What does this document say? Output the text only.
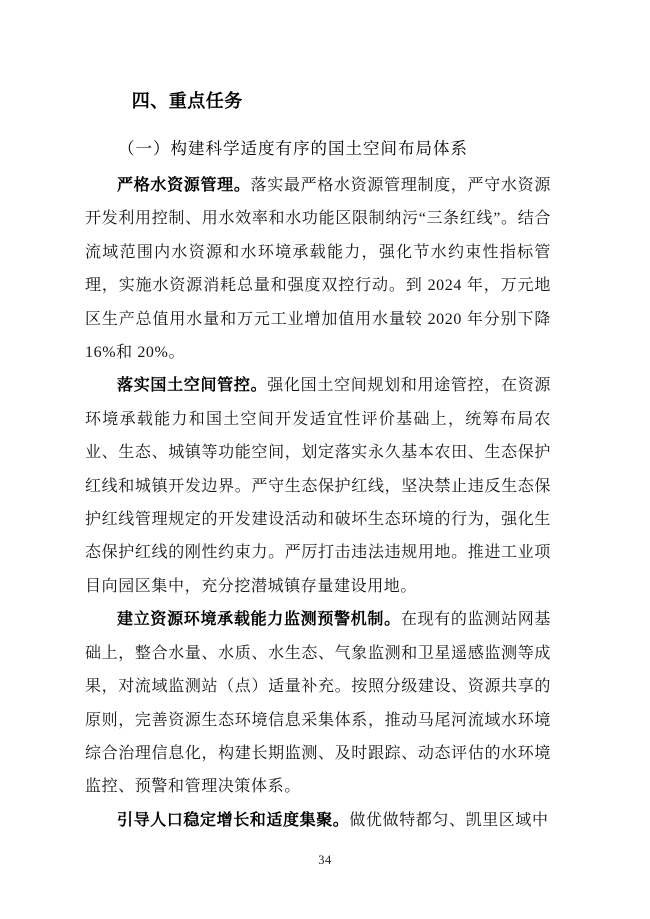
四、重点任务
（一）构建科学适度有序的国土空间布局体系

严格水资源管理。落实最严格水资源管理制度，严守水资源开发利用控制、用水效率和水功能区限制纳污“三条红线”。结合流域范围内水资源和水环境承载能力，强化节水约束性指标管理，实施水资源消耗总量和强度双控行动。到 2024 年，万元地区生产总值用水量和万元工业增加值用水量较 2020 年分别下降 16%和 20%。

落实国土空间管控。强化国土空间规划和用途管控，在资源环境承载能力和国土空间开发适宜性评价基础上，统筹布局农业、生态、城镇等功能空间，划定落实永久基本农田、生态保护红线和城镇开发边界。严守生态保护红线，坚决禁止违反生态保护红线管理规定的开发建设活动和破坏生态环境的行为，强化生态保护红线的刚性约束力。严厉打击违法违规用地。推进工业项目向园区集中，充分挖潜城镇存量建设用地。

建立资源环境承载能力监测预警机制。在现有的监测站网基础上，整合水量、水质、水生态、气象监测和卫星遥感监测等成果，对流域监测站（点）适量补充。按照分级建设、资源共享的原则，完善资源生态环境信息采集体系，推动马尾河流域水环境综合治理信息化，构建长期监测、及时跟踪、动态评估的水环境监控、预警和管理决策体系。

引导人口稳定增长和适度集聚。做优做特都匀、凯里区域中

34
